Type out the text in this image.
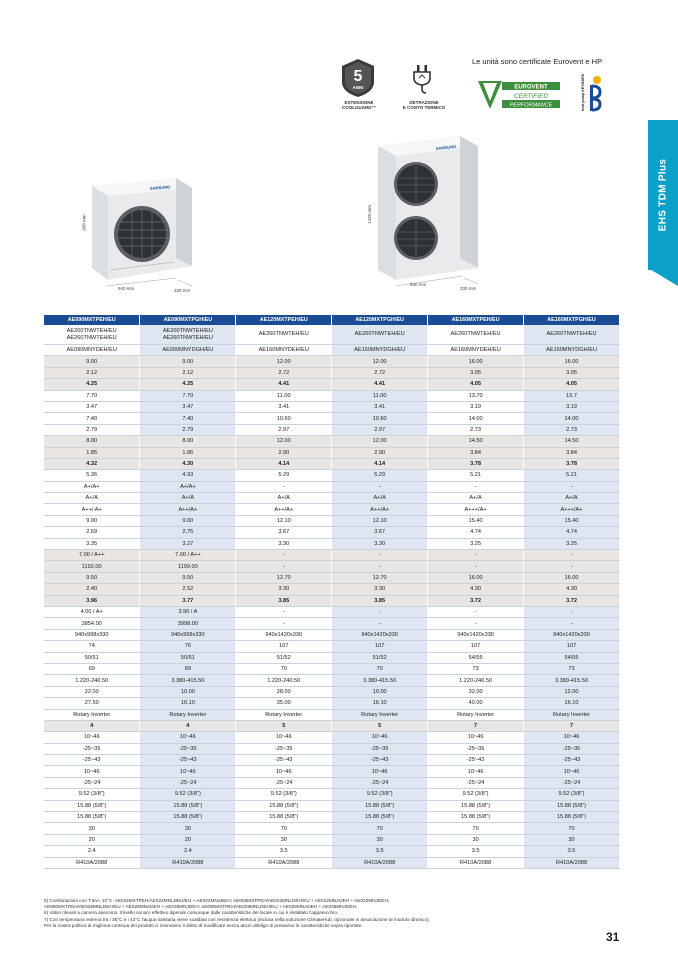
5
ANNI
ESTENSIONE
COOLGUARD™
DETRAZIONE
E CONTO TERMICO
Le unità sono certificate Eurovent e HP
EUROVENT
CERTIFIED
PERFORMANCE	heat pump KEYMARK
EHS TDM Plus
SAMSUNG
998 mm
940 mm	330 mm
SAMSUNG
1420 mm
940 mm
330 mm
AE090MXTPEH/EU	AE090MXTPGH/EU	AE120MXTPEH/EU	AE120MXTPGH/EU	AE160MXTPEH/EU	AE160MXTPGH/EU
AE200TNWTEH/EU AE260TNWTEH/EU	AE200TNWTEH/EU AE260TNWTEH/EU	AE260TNWTEH/EU	AE260TNWTEH/EU	AE260TNWTEH/EU	AE260TNWTEH/EU
AE090MNYDEH/EU	AE090MNYDGH/EU	AE160MNYDEH/EU	AE160MNYDGH/EU	AE160MNYDEH/EU	AE160MNYDGH/EU
9.00	9.00	12.00	12.00	16.00	16.00
2.12	2.12	2.72	2.72	3.95	3.95
4.25	4.25	4.41	4.41	4.05	4.05
7.70	7.70	11.00	11.00	13.70	13.7
3.47	3.47	3.41	3.41	3.19	3.19
7.40	7.40	10.60	10.60	14.00	14.00
2.79	2.79	2.97	2.97	2.73	2.73
8.00	8.00	12.00	12.00	14.50	14.50
1.85	1.86	2.90	2.90	3.84	3.84
4.32	4.30	4.14	4.14	3.78	3.78
5.36	4.93	5.29	5.29	5.21	5.21
A+/A+	A+/A+	-	-	-	-
A+/A	A+/A	A+/A	A+/A	A+/A	A+/A
A++/ A+	A++/A+	A++/A+	A++/A+	A+++/A+	A+++/A+
9.00	9.00	12.10	12.10	15.40	15.40
2.69	2.75	3.67	3.67	4.74	4.74
3.35	3.27	3.30	3.30	3.25	3.25
7.00 / A++	7.00 / A++	-	-	-	-
1192.00	1199.00	-	-	-	-
9.50	9.50	12.70	12.70	16.00	16.00
2.40	2.52	3.30	3.30	4.30	4.30
3.96	3.77	3.85	3.85	3.72	3.72
4.00 / A+	3.90 / A	-	-	-	-
3854.00	3998.00	-	-	-	-
940x998x330	940x998x330	940x1420x330	940x1420x330	940x1420x330	940x1420x330
74	76	107	107	107	107
50/51	50/51	51/52	51/52	54/55	54/55
69	69	70	70	73	73
1.220-240.50	3.380-415.50	1.220-240.50	3.380-415.50	1.220-240.50	3.380-415.50
22.00	10.00	28.00	10.00	32.00	12.00
27.50	16.10	35.00	16.10	40.00	16.10
Rotary Inverter	Rotary Inverter	Rotary Inverter	Rotary Inverter	Rotary Inverter	Rotary Inverter
4	4	5	5	7	7
10~46	10~46	10~46	10~46	10~46	10~46
-25~35	-25~35	-25~35	-25~35	-25~35	-25~35
-25~43	-25~43	-25~43	-25~43	-25~43	-25~43
10~46	10~46	10~46	10~46	10~46	10~46
-25~24	-25~24	-25~24	-25~24	-25~24	-25~24
9.52 (3/8")	9.52 (3/8")	9.52 (3/8")	9.52 (3/8")	9.52 (3/8")	9.52 (3/8")
15.88 (5/8")	15.88 (5/8")	15.88 (5/8")	15.88 (5/8")	15.88 (5/8")	15.88 (5/8")
15.88 (5/8")	15.88 (5/8")	15.88 (5/8")	15.88 (5/8")	15.88 (5/8")	15.88 (5/8")
30	30	70	70	70	70
20	20	30	30	30	30
2.4	2.4	3.5	3.5	3.5	3.5
R410A/2088	R410A/2088	R410A/2088	R410A/2088	R410A/2088	R410A/2088
5) Combinazioni con T.tev= 10°C: AE044MXTPEH/AE022MNLDEH/EU + AE022MNADEH; AE066MXTPEH/AE022MNLDEH/EU + AE022MNADEH + AE022MNJDEH;
AE090MXTPEH/AE028MNLDEH/EU + AE028MNADEH + AE036MNJDEH; AE090MXTPEH/AE028MNLDEH/EU + AE028MNADEH + AE036MNJDEH.
6) Valori rilevati a camera anecoica. Il livello sonoro effettivo dipende comunque dalle caratteristiche del locale in cui è installato l'apparecchio.
7) Con temperatura esterna tra i 35°C e i 43°C l'acqua sanitaria viene scaldata con resistenza elettrica (inclusa nella soluzione ClimateHub, opzionale in associazione al modulo idronico).
Per la nostra politica di miglioria continua dei prodotti ci riserviamo il diritto di modificare senza alcun obbligo di preavviso le caratteristiche sopra riportate.
31
